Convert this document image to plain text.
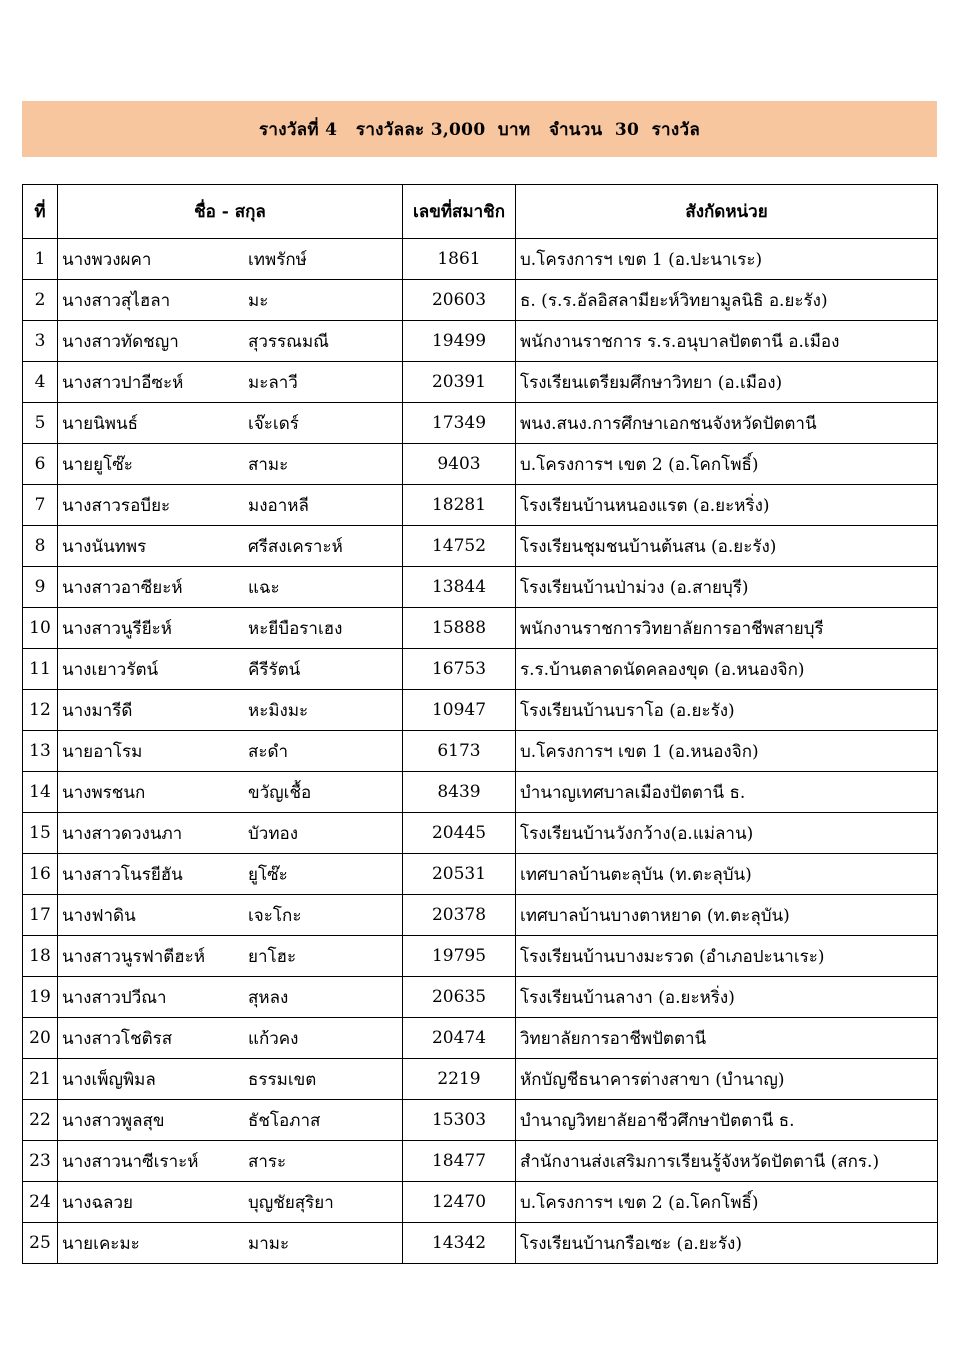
รางวัลที่ 4   รางวัลละ 3,000  บาท   จำนวน  30  รางวัล
ที่	ชื่อ - สกุล	เลขที่สมาชิก	สังกัดหน่วย
1	นางพวงผคา เทพรักษ์	1861	บ.โครงการฯ เขต 1 (อ.ปะนาเระ)
2	นางสาวสุไฮลา มะ	20603	ธ. (ร.ร.อัลอิสลามียะห์วิทยามูลนิธิ อ.ยะรัง)
3	นางสาวทัดชญา สุวรรณมณี	19499	พนักงานราชการ ร.ร.อนุบาลปัตตานี อ.เมือง
4	นางสาวปาอีซะห์ มะลาวี	20391	โรงเรียนเตรียมศึกษาวิทยา (อ.เมือง)
5	นายนิพนธ์ เจ๊ะเดร์	17349	พนง.สนง.การศึกษาเอกชนจังหวัดปัตตานี
6	นายยูโซ๊ะ สามะ	9403	บ.โครงการฯ เขต 2 (อ.โคกโพธิ์)
7	นางสาวรอบียะ มงอาหลี	18281	โรงเรียนบ้านหนองแรต (อ.ยะหริ่ง)
8	นางนันทพร ศรีสงเคราะห์	14752	โรงเรียนชุมชนบ้านต้นสน (อ.ยะรัง)
9	นางสาวอาซียะห์ แฉะ	13844	โรงเรียนบ้านป่าม่วง (อ.สายบุรี)
10	นางสาวนูรียีะห์ หะยีบือราเฮง	15888	พนักงานราชการวิทยาลัยการอาชีพสายบุรี
11	นางเยาวรัตน์ คีรีรัตน์	16753	ร.ร.บ้านตลาดนัดคลองขุด (อ.หนองจิก)
12	นางมารีดี หะมิงมะ	10947	โรงเรียนบ้านบราโอ (อ.ยะรัง)
13	นายอาโรม สะดำ	6173	บ.โครงการฯ เขต 1 (อ.หนองจิก)
14	นางพรชนก ขวัญเชื้อ	8439	บำนาญเทศบาลเมืองปัตตานี ธ.
15	นางสาวดวงนภา บัวทอง	20445	โรงเรียนบ้านวังกว้าง(อ.แม่ลาน)
16	นางสาวโนรยีฮัน ยูโซ๊ะ	20531	เทศบาลบ้านตะลุบัน (ท.ตะลุบัน)
17	นางฟาดิน เจะโกะ	20378	เทศบาลบ้านบางตาหยาด (ท.ตะลุบัน)
18	นางสาวนูรฟาตีฮะห์ ยาโฮะ	19795	โรงเรียนบ้านบางมะรวด (อำเภอปะนาเระ)
19	นางสาวปวีณา สุหลง	20635	โรงเรียนบ้านลางา (อ.ยะหริ่ง)
20	นางสาวโชติรส แก้วคง	20474	วิทยาลัยการอาชีพปัตตานี
21	นางเพ็ญพิมล ธรรมเขต	2219	หักบัญชีธนาคารต่างสาขา (บำนาญ)
22	นางสาวพูลสุข ธัชโอภาส	15303	บำนาญวิทยาลัยอาชีวศึกษาปัตตานี ธ.
23	นางสาวนาซีเราะห์ สาระ	18477	สำนักงานส่งเสริมการเรียนรู้จังหวัดปัตตานี (สกร.)
24	นางฉลวย บุญชัยสุริยา	12470	บ.โครงการฯ เขต 2 (อ.โคกโพธิ์)
25	นายเคะมะ มามะ	14342	โรงเรียนบ้านกรือเซะ (อ.ยะรัง)
